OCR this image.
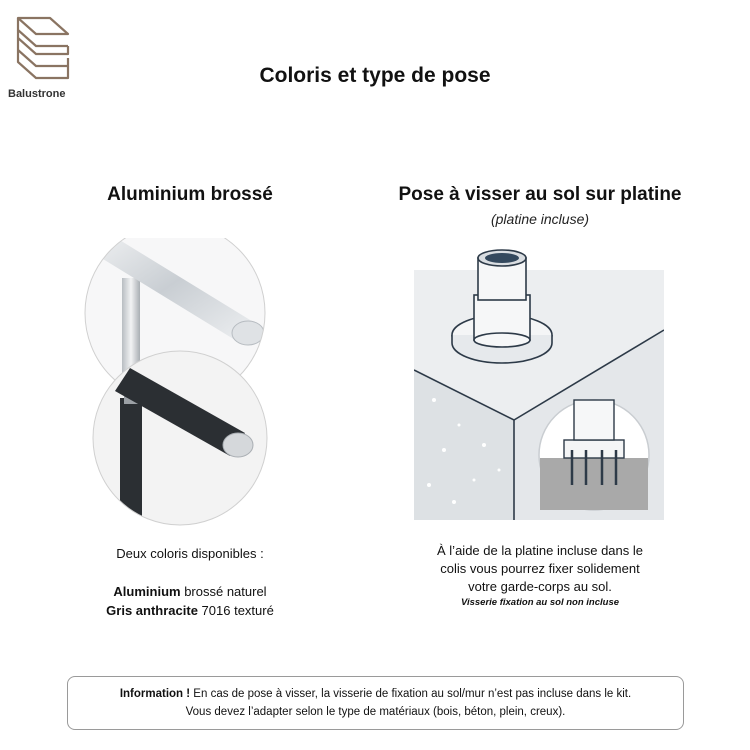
Balustrone
Coloris et type de pose
Aluminium brossé	Pose à visser au sol sur platine
(platine incluse)
Deux coloris disponibles :
Aluminium brossé naturel
Gris anthracite 7016 texturé
À l’aide de la platine incluse dans le
colis vous pourrez fixer solidement
votre garde-corps au sol.
Visserie fixation au sol non incluse
Information ! En cas de pose à visser, la visserie de fixation au sol/mur n’est pas incluse dans le kit.
Vous devez l’adapter selon le type de matériaux (bois, béton, plein, creux).
